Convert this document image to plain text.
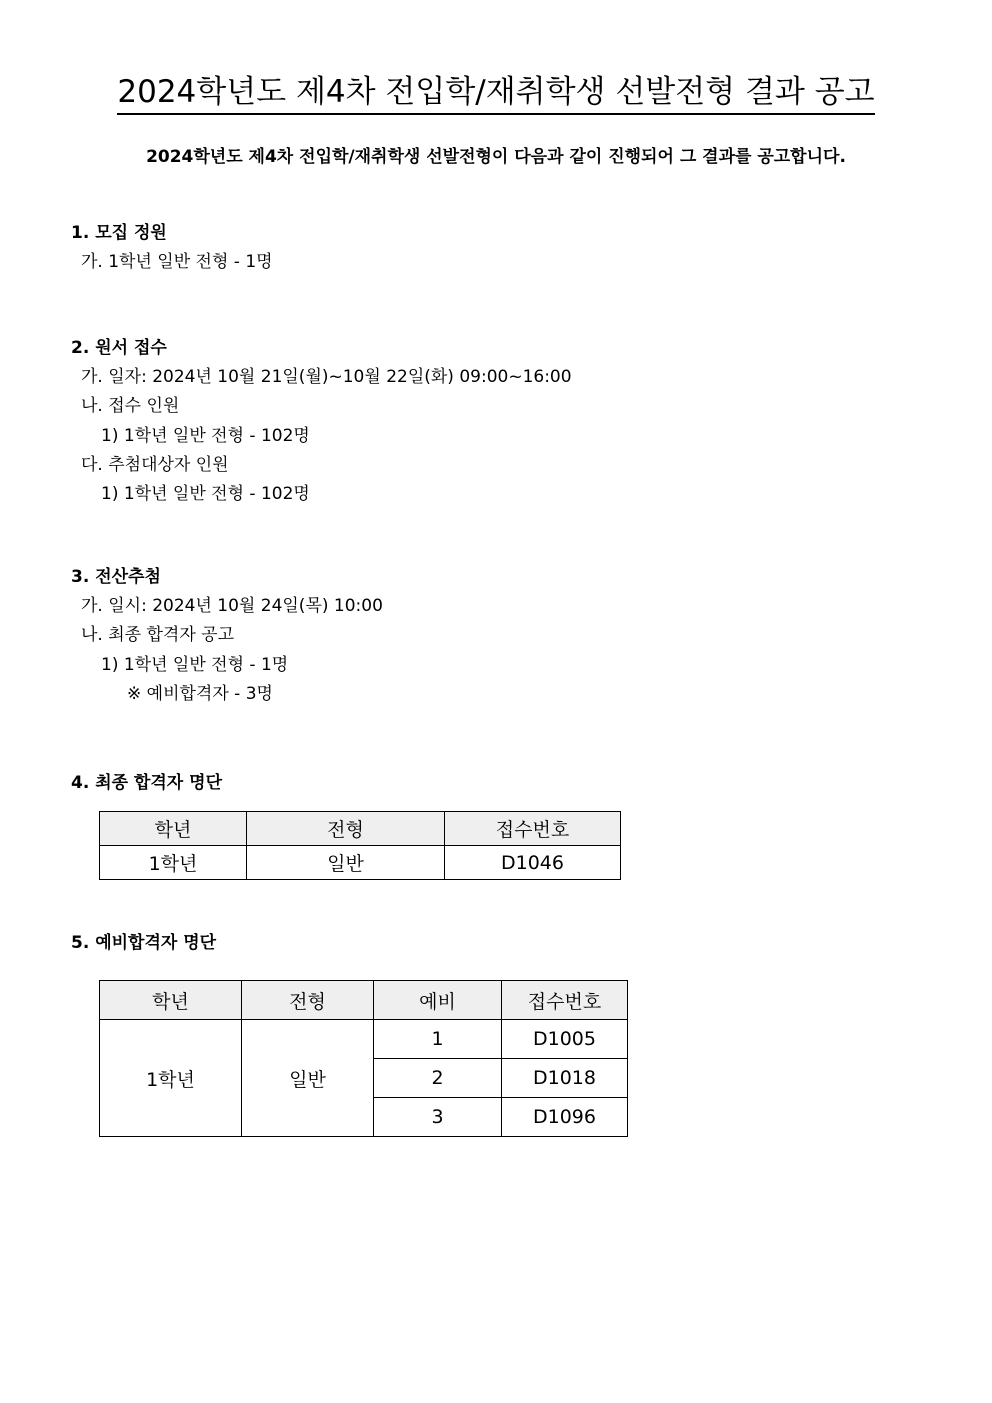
2024학년도 제4차 전입학/재취학생 선발전형 결과 공고
2024학년도 제4차 전입학/재취학생 선발전형이 다음과 같이 진행되어 그 결과를 공고합니다.
1. 모집 정원
가. 1학년 일반 전형 - 1명
2. 원서 접수
가. 일자: 2024년 10월 21일(월)~10월 22일(화) 09:00~16:00
나. 접수 인원
1) 1학년 일반 전형 - 102명
다. 추첨대상자 인원
1) 1학년 일반 전형 - 102명
3. 전산추첨
가. 일시: 2024년 10월 24일(목) 10:00
나. 최종 합격자 공고
1) 1학년 일반 전형 - 1명
※ 예비합격자 - 3명
4. 최종 합격자 명단
학년	전형	접수번호
1학년	일반	D1046
5. 예비합격자 명단
학년	전형	예비	접수번호
1학년	일반	1	D1005
		2	D1018
		3	D1096
